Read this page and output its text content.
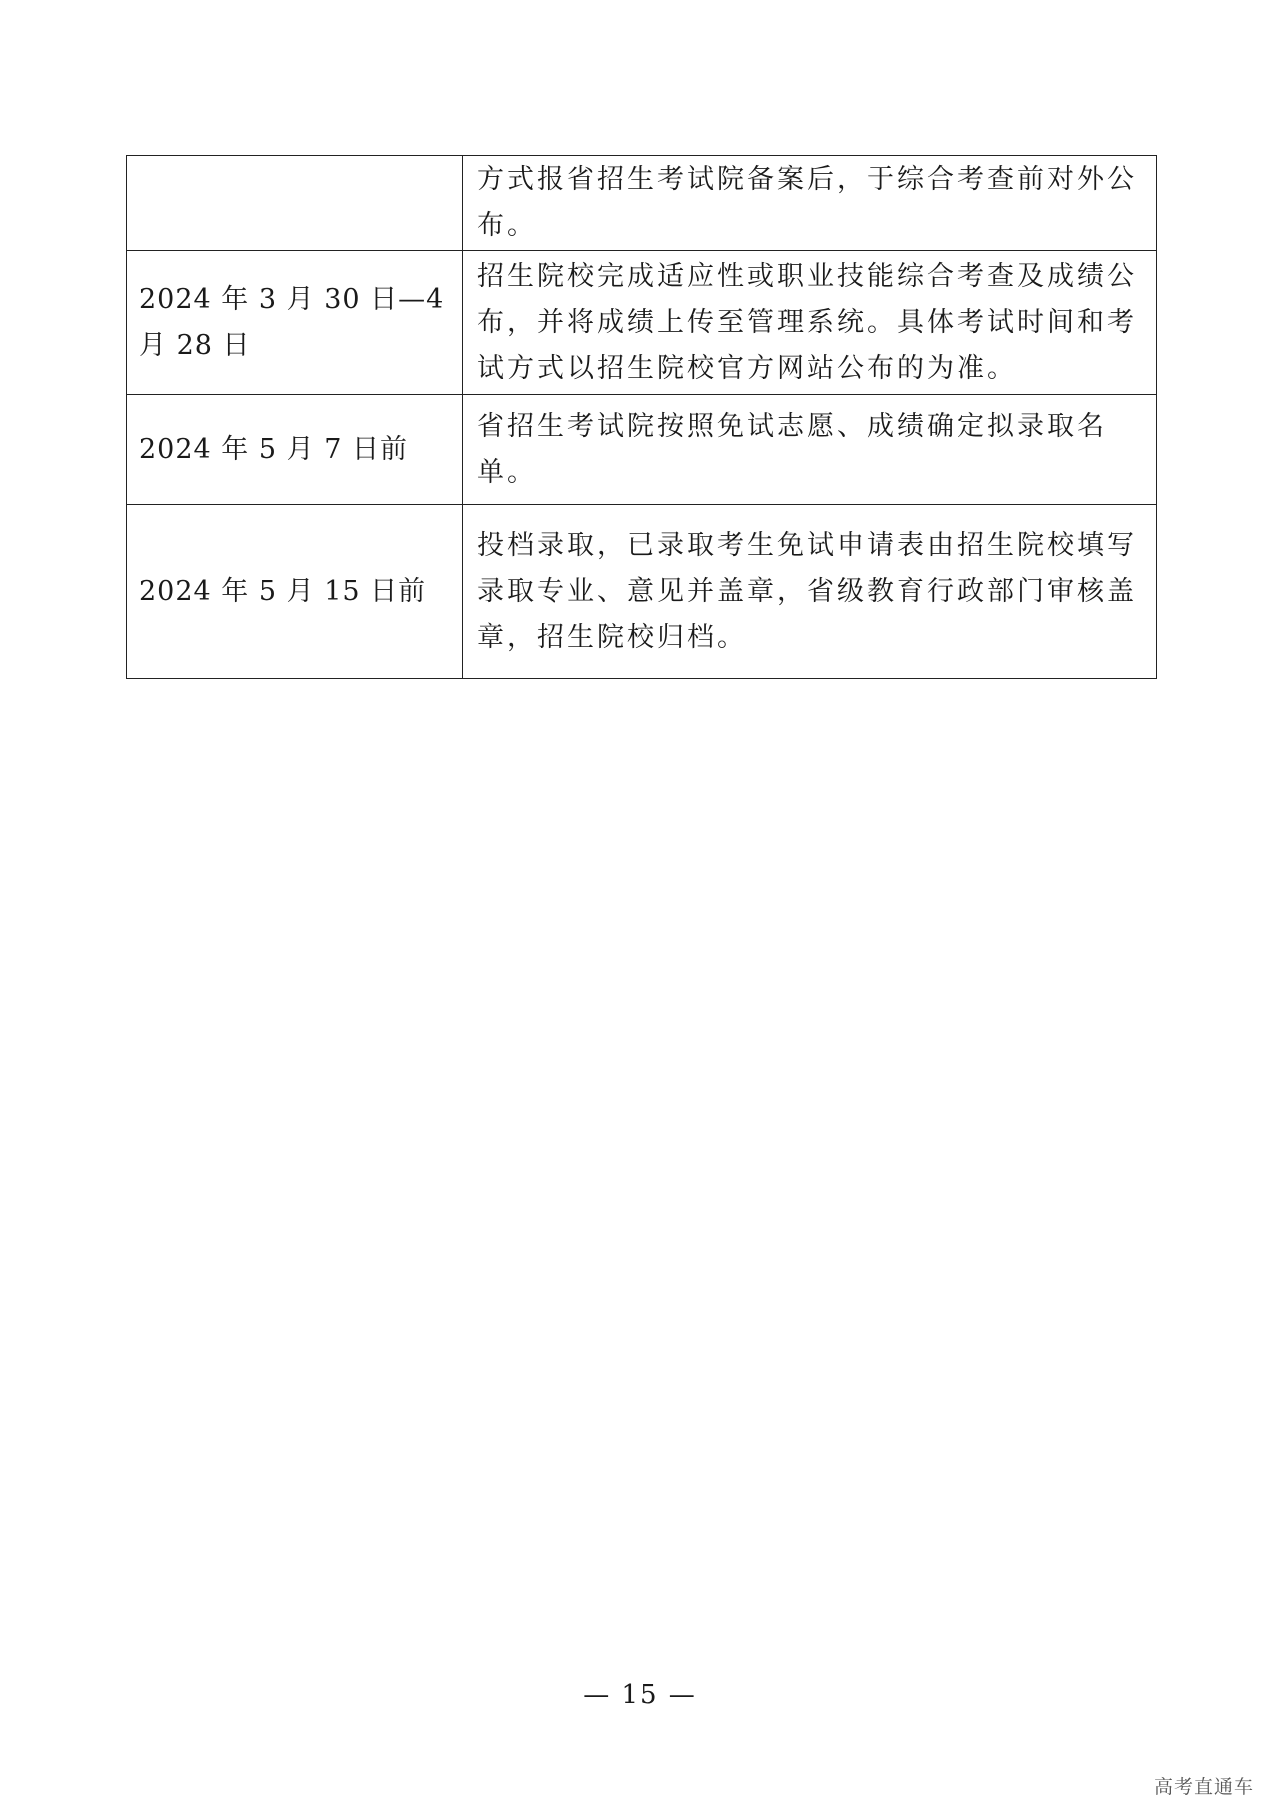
	方式报省招生考试院备案后，于综合考查前对外公布。
2024 年 3 月 30 日—4 月 28 日	招生院校完成适应性或职业技能综合考查及成绩公布，并将成绩上传至管理系统。具体考试时间和考试方式以招生院校官方网站公布的为准。
2024 年 5 月 7 日前	省招生考试院按照免试志愿、成绩确定拟录取名单。
2024 年 5 月 15 日前	投档录取，已录取考生免试申请表由招生院校填写录取专业、意见并盖章，省级教育行政部门审核盖章，招生院校归档。
— 15 —
高考直通车
